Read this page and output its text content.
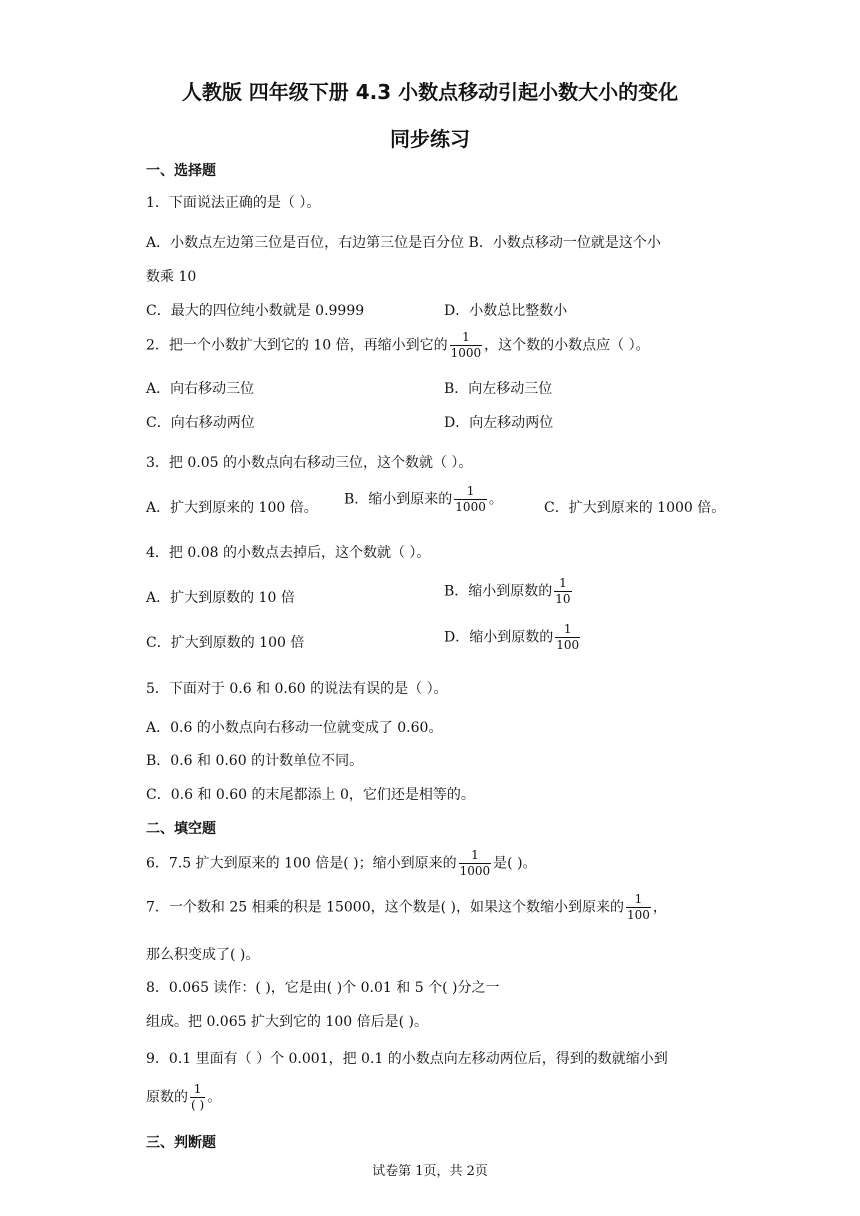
人教版 四年级下册 4.3 小数点移动引起小数大小的变化
同步练习
一、选择题
1．下面说法正确的是（ ）。
A．小数点左边第三位是百位，右边第三位是百分位 B．小数点移动一位就是这个小
数乘 10
C．最大的四位纯小数就是 0.9999	D．小数总比整数小
2．把一个小数扩大到它的 10 倍，再缩小到它的 $\frac{1}{1000}$ ，这个数的小数点应（ ）。
A．向右移动三位	B．向左移动三位
C．向右移动两位	D．向左移动两位
3．把 0.05 的小数点向右移动三位，这个数就（ ）。
A．扩大到原来的 100 倍。
B．缩小到原来的 $\frac{1}{1000}$ 。
C．扩大到原来的 1000 倍。
4．把 0.08 的小数点去掉后，这个数就（ ）。
A．扩大到原数的 10 倍	B．缩小到原数的 $\frac{1}{10}$
C．扩大到原数的 100 倍	D．缩小到原数的 $\frac{1}{100}$
5．下面对于 0.6 和 0.60 的说法有误的是（ ）。
A．0.6 的小数点向右移动一位就变成了 0.60。
B．0.6 和 0.60 的计数单位不同。
C．0.6 和 0.60 的末尾都添上 0，它们还是相等的。
二、填空题
6．7.5 扩大到原来的 100 倍是( )；缩小到原来的 $\frac{1}{1000}$ 是( )。
7．一个数和 25 相乘的积是 15000，这个数是( )，如果这个数缩小到原来的 $\frac{1}{100}$ ，
那么积变成了( )。
8．0.065 读作：( )，它是由( )个 0.01 和 5 个( )分之一
组成。把 0.065 扩大到它的 100 倍后是( )。
9．0.1 里面有（ ）个 0.001，把 0.1 的小数点向左移动两位后，得到的数就缩小到
原数的 $\frac{1}{( )}$ 。
三、判断题
试卷第 1页，共 2页
